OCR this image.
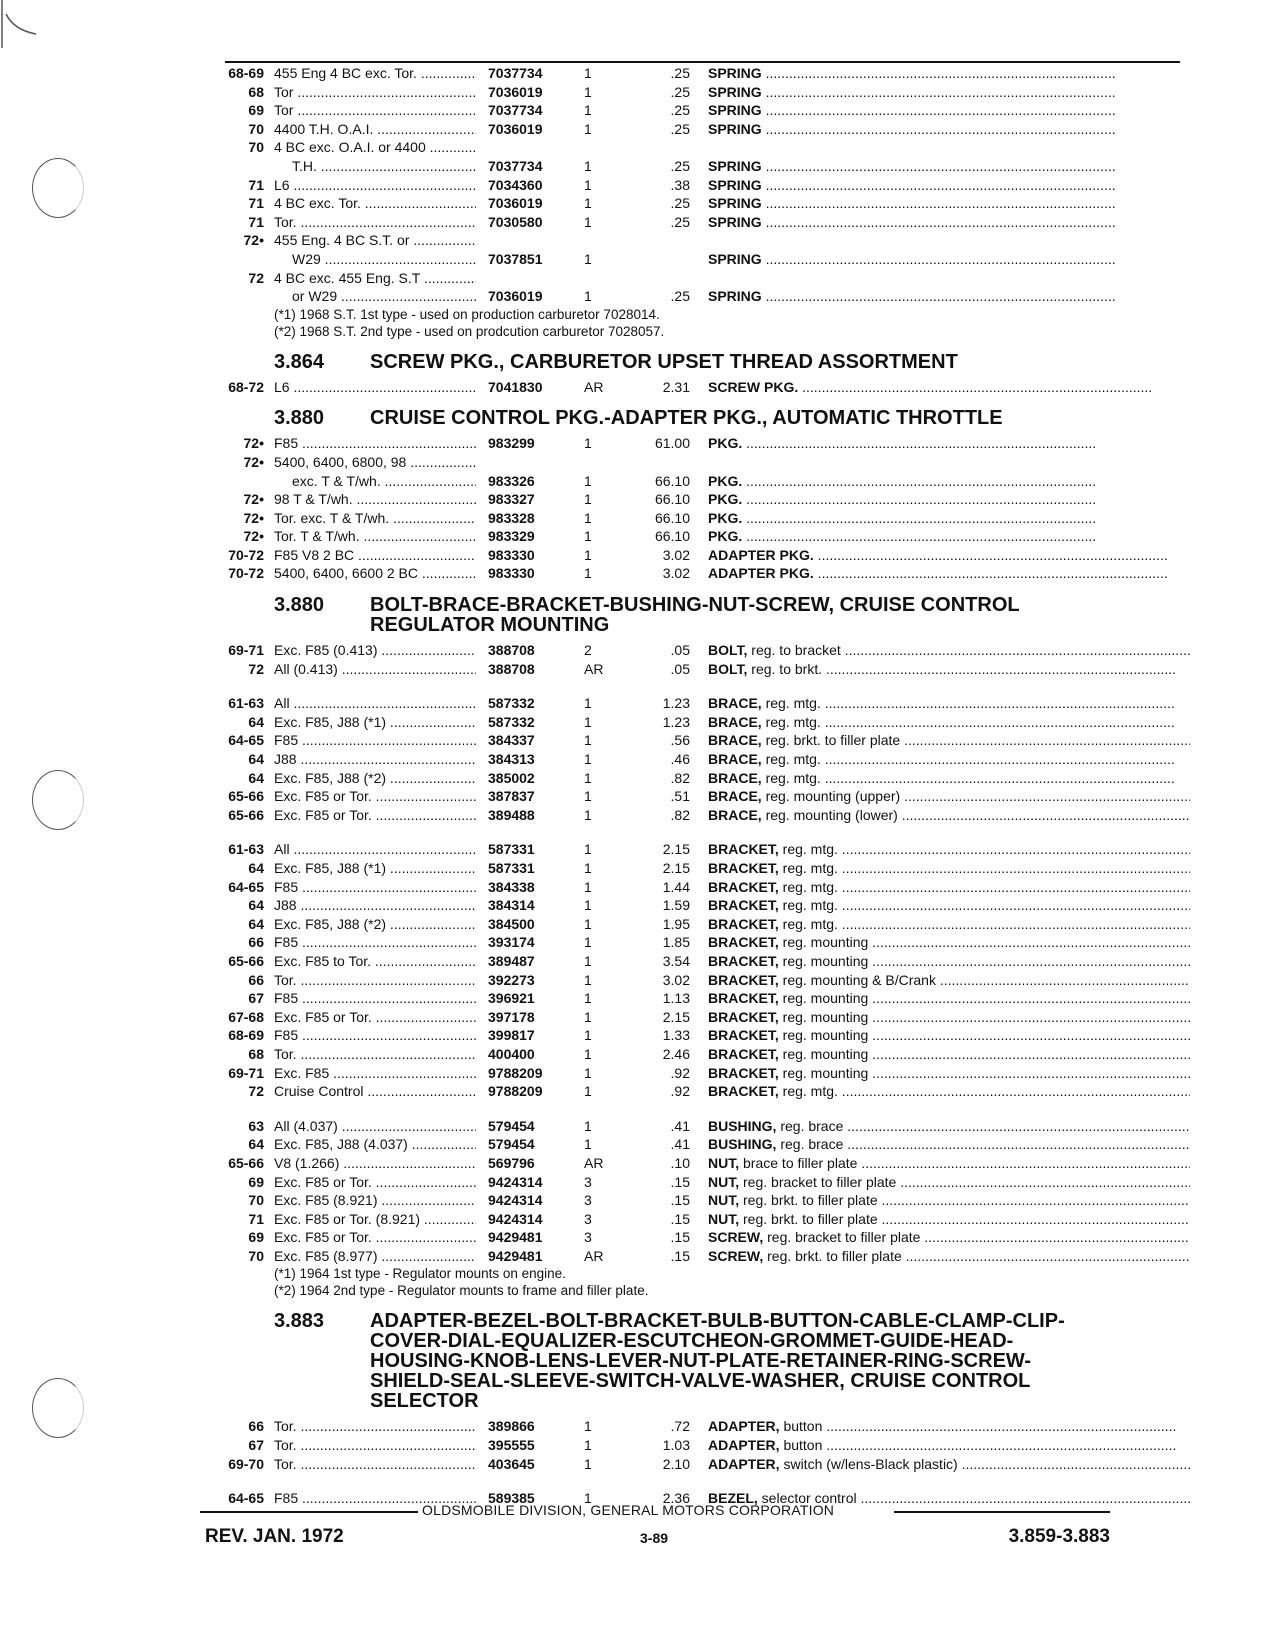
68-69 455 Eng 4 BC exc. Tor. .....	7037734	1	.25 SPRING .....
68 Tor .....	7036019	1	.25 SPRING .....
69 Tor .....	7037734	1	.25 SPRING .....
70 4400 T.H. O.A.I. .....	7036019	1	.25 SPRING .....
70 4 BC exc. O.A.I. or 4400 .....
T.H. .....	7037734	1	.25 SPRING .....
71 L6 .....	7034360	1	.38 SPRING .....
71 4 BC exc. Tor. .....	7036019	1	.25 SPRING .....
71 Tor. .....	7030580	1	.25 SPRING .....
72• 455 Eng. 4 BC S.T. or .....
W29 .....	7037851	1	SPRING .....
72 4 BC exc. 455 Eng. S.T .....
or W29 .....	7036019	1	.25 SPRING .....
(*1) 1968 S.T. 1st type - used on production carburetor 7028014.
(*2) 1968 S.T. 2nd type - used on prodcution carburetor 7028057.
3.864	SCREW PKG., CARBURETOR UPSET THREAD ASSORTMENT
68-72 L6 .....	7041830	AR	2.31 SCREW PKG. .....
3.880	CRUISE CONTROL PKG.-ADAPTER PKG., AUTOMATIC THROTTLE
72• F85 .....	983299	1	61.00 PKG. .....
72• 5400, 6400, 6800, 98 .....
exc. T & T/wh. .....	983326	1	66.10 PKG. .....
72• 98 T & T/wh. .....	983327	1	66.10 PKG. .....
72• Tor. exc. T & T/wh. .....	983328	1	66.10 PKG. .....
72• Tor. T & T/wh. .....	983329	1	66.10 PKG. .....
70-72 F85 V8 2 BC .....	983330	1	3.02 ADAPTER PKG. .....
70-72 5400, 6400, 6600 2 BC .....	983330	1	3.02 ADAPTER PKG. .....
3.880	BOLT-BRACE-BRACKET-BUSHING-NUT-SCREW, CRUISE CONTROL REGULATOR MOUNTING
69-71 Exc. F85 (0.413) .....	388708	2	.05 BOLT, reg. to bracket .....
72 All (0.413) .....	388708	AR	.05 BOLT, reg. to brkt. .....
61-63 All .....	587332	1	1.23 BRACE, reg. mtg. .....
64 Exc. F85, J88 (*1) .....	587332	1	1.23 BRACE, reg. mtg. .....
64-65 F85 .....	384337	1	.56 BRACE, reg. brkt. to filler plate .....
64 J88 .....	384313	1	.46 BRACE, reg. mtg. .....
64 Exc. F85, J88 (*2) .....	385002	1	.82 BRACE, reg. mtg. .....
65-66 Exc. F85 or Tor. .....	387837	1	.51 BRACE, reg. mounting (upper) .....
65-66 Exc. F85 or Tor. .....	389488	1	.82 BRACE, reg. mounting (lower) .....
61-63 All .....	587331	1	2.15 BRACKET, reg. mtg. .....
64 Exc. F85, J88 (*1) .....	587331	1	2.15 BRACKET, reg. mtg. .....
64-65 F85 .....	384338	1	1.44 BRACKET, reg. mtg. .....
64 J88 .....	384314	1	1.59 BRACKET, reg. mtg. .....
64 Exc. F85, J88 (*2) .....	384500	1	1.95 BRACKET, reg. mtg. .....
66 F85 .....	393174	1	1.85 BRACKET, reg. mounting .....
65-66 Exc. F85 to Tor. .....	389487	1	3.54 BRACKET, reg. mounting .....
66 Tor. .....	392273	1	3.02 BRACKET, reg. mounting & B/Crank .....
67 F85 .....	396921	1	1.13 BRACKET, reg. mounting .....
67-68 Exc. F85 or Tor. .....	397178	1	2.15 BRACKET, reg. mounting .....
68-69 F85 .....	399817	1	1.33 BRACKET, reg. mounting .....
68 Tor. .....	400400	1	2.46 BRACKET, reg. mounting .....
69-71 Exc. F85 .....	9788209	1	.92 BRACKET, reg. mounting .....
72 Cruise Control .....	9788209	1	.92 BRACKET, reg. mtg. .....
63 All (4.037) .....	579454	1	.41 BUSHING, reg. brace .....
64 Exc. F85, J88 (4.037) .....	579454	1	.41 BUSHING, reg. brace .....
65-66 V8 (1.266) .....	569796	AR	.10 NUT, brace to filler plate .....
69 Exc. F85 or Tor. .....	9424314	3	.15 NUT, reg. bracket to filler plate .....
70 Exc. F85 (8.921) .....	9424314	3	.15 NUT, reg. brkt. to filler plate .....
71 Exc. F85 or Tor. (8.921) .....	9424314	3	.15 NUT, reg. brkt. to filler plate .....
69 Exc. F85 or Tor. .....	9429481	3	.15 SCREW, reg. bracket to filler plate .....
70 Exc. F85 (8.977) .....	9429481	AR	.15 SCREW, reg. brkt. to filler plate .....
(*1) 1964 1st type - Regulator mounts on engine.
(*2) 1964 2nd type - Regulator mounts to frame and filler plate.
3.883	ADAPTER-BEZEL-BOLT-BRACKET-BULB-BUTTON-CABLE-CLAMP-CLIP-COVER-DIAL-EQUALIZER-ESCUTCHEON-GROMMET-GUIDE-HEAD-HOUSING-KNOB-LENS-LEVER-NUT-PLATE-RETAINER-RING-SCREW-SHIELD-SEAL-SLEEVE-SWITCH-VALVE-WASHER, CRUISE CONTROL SELECTOR
66 Tor. .....	389866	1	.72 ADAPTER, button .....
67 Tor. .....	395555	1	1.03 ADAPTER, button .....
69-70 Tor. .....	403645	1	2.10 ADAPTER, switch (w/lens-Black plastic) .....
64-65 F85 .....	589385	1	2.36 BEZEL, selector control .....
OLDSMOBILE DIVISION, GENERAL MOTORS CORPORATION
REV. JAN. 1972	3-89	3.859-3.883
